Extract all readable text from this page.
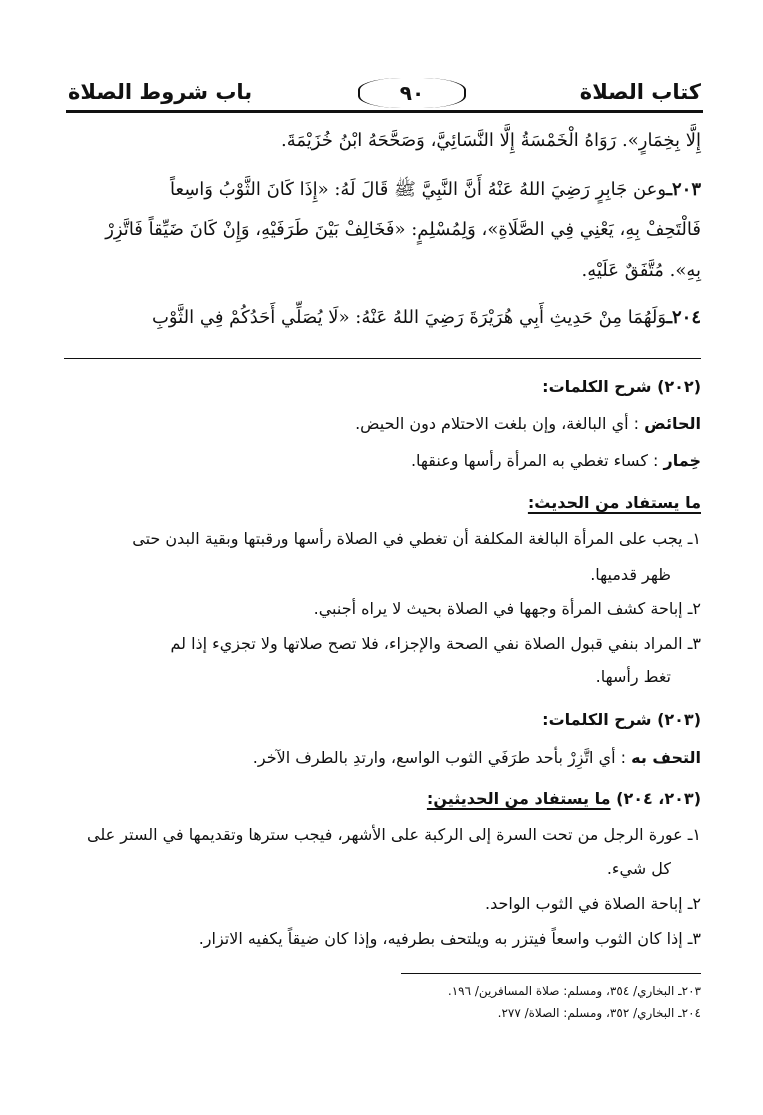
كتاب الصلاة
٩٠
باب شروط الصلاة
إِلَّا بِخِمَارٍ». رَوَاهُ الْخَمْسَةُ إِلَّا النَّسَائِيَّ، وَصَحَّحَهُ ابْنُ خُزَيْمَةَ.
٢٠٣ـوعن جَابِرٍ رَضِيَ اللهُ عَنْهُ أَنَّ النَّبِيَّ ﷺ قَالَ لَهُ: «إِذَا كَانَ الثَّوْبُ وَاسِعاً
فَالْتَحِفْ بِهِ، يَعْنِي فِي الصَّلَاةِ»، وَلِمُسْلِمٍ: «فَخَالِفْ بَيْنَ طَرَفَيْهِ، وَإِنْ كَانَ ضَيِّقاً فَاتَّزِرْ
بِهِ». مُتَّفَقٌ عَلَيْهِ.
٢٠٤ـوَلَهُمَا مِنْ حَدِيثِ أَبِي هُرَيْرَةَ رَضِيَ اللهُ عَنْهُ: «لَا يُصَلِّي أَحَدُكُمْ فِي الثَّوْبِ
(٢٠٢) شرح الكلمات:
الحائض : أي البالغة، وإن بلغت الاحتلام دون الحيض.
خِمار : كساء تغطي به المرأة رأسها وعنقها.
ما يستفاد من الحديث:
١ـ يجب على المرأة البالغة المكلفة أن تغطي في الصلاة رأسها ورقبتها وبقية البدن حتى
ظهر قدميها.
٢ـ إباحة كشف المرأة وجهها في الصلاة بحيث لا يراه أجنبي.
٣ـ المراد بنفي قبول الصلاة نفي الصحة والإجزاء، فلا تصح صلاتها ولا تجزيء إذا لم
تغط رأسها.
(٢٠٣) شرح الكلمات:
التحف به : أي اتَّزِرْ بأحد طرَفَي الثوب الواسع، وارتدِ بالطرف الآخر.
(٢٠٣، ٢٠٤) ما يستفاد من الحديثين:
١ـ عورة الرجل من تحت السرة إلى الركبة على الأشهر، فيجب سترها وتقديمها في الستر على
كل شيء.
٢ـ إباحة الصلاة في الثوب الواحد.
٣ـ إذا كان الثوب واسعاً فيتزر به ويلتحف بطرفيه، وإذا كان ضيقاً يكفيه الاتزار.
٢٠٣ـ البخاري/ ٣٥٤، ومسلم: صلاة المسافرين/ ١٩٦.
٢٠٤ـ البخاري/ ٣٥٢، ومسلم: الصلاة/ ٢٧٧.
